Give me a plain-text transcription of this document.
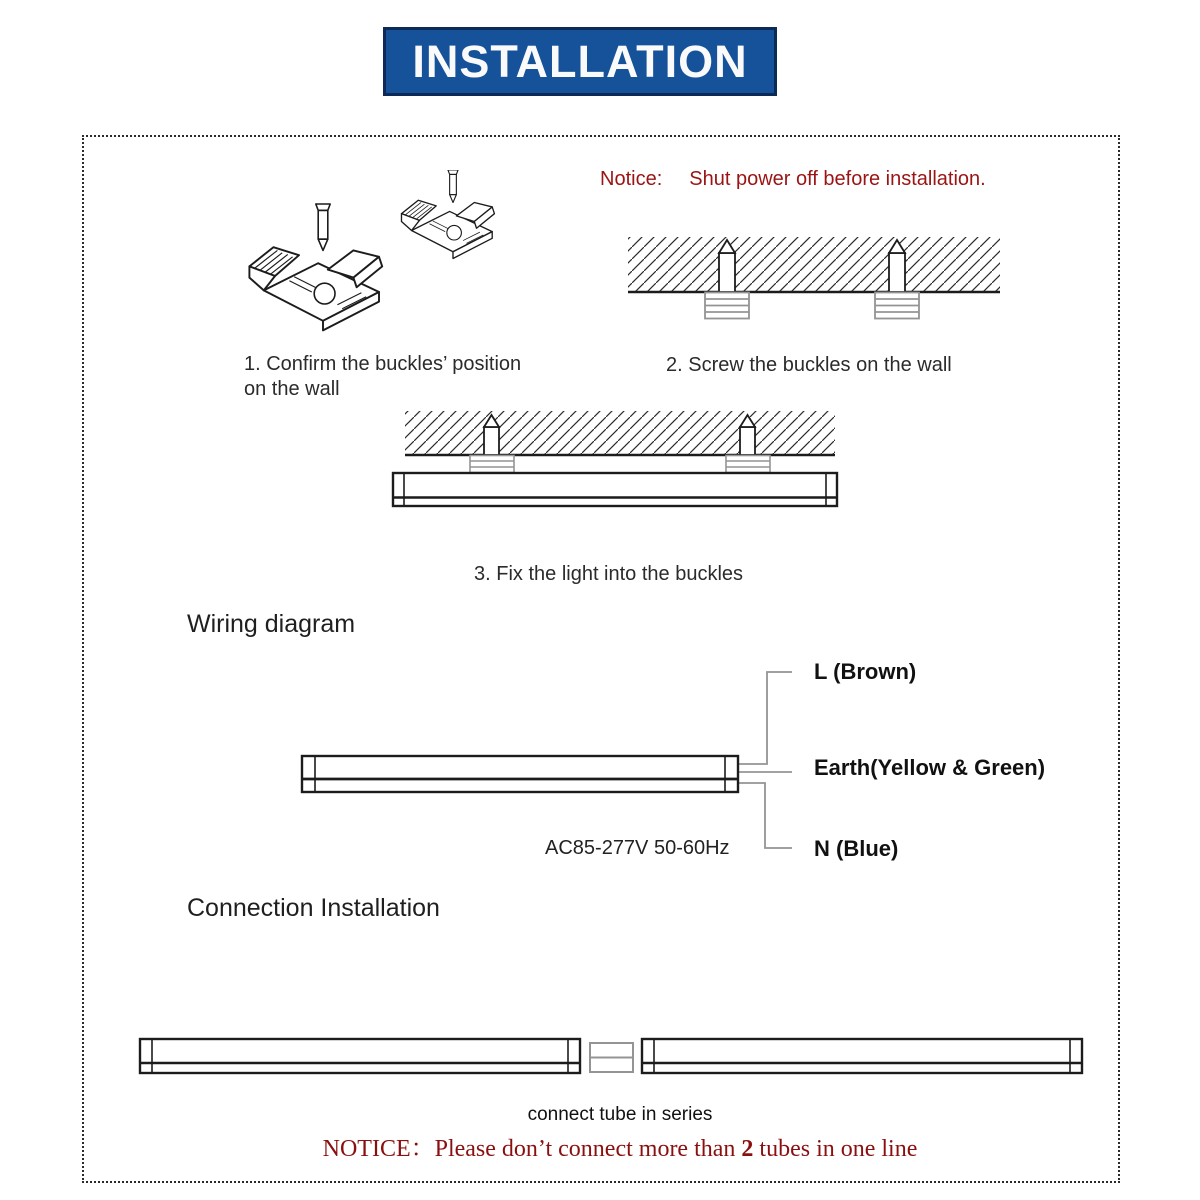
INSTALLATION
Notice: Shut power off before installation.
1. Confirm the buckles’ position
on the wall
2. Screw the buckles on the wall
3. Fix the light into the buckles
Wiring diagram
L (Brown)
Earth(Yellow & Green)
N (Blue)
AC85-277V 50-60Hz
Connection Installation
connect tube in series
NOTICE：Please don’t connect more than 2 tubes in one line
